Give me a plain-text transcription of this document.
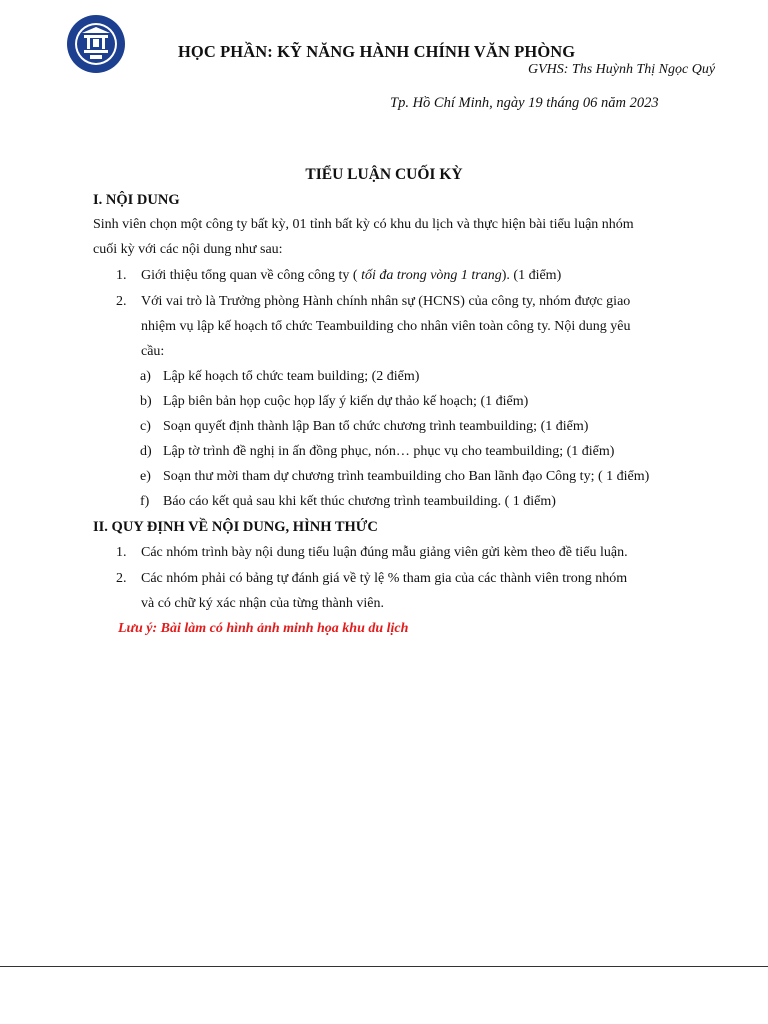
HỌC PHẦN: KỸ NĂNG HÀNH CHÍNH VĂN PHÒNG
GVHS: Ths Huỳnh Thị Ngọc Quý
Tp. Hồ Chí Minh, ngày 19 tháng 06 năm 2023
TIỂU LUẬN CUỐI KỲ
I. NỘI DUNG
Sinh viên chọn một công ty bất kỳ, 01 tỉnh bất kỳ có khu du lịch và thực hiện bài tiểu luận nhóm
cuối kỳ với các nội dung như sau:
1. Giới thiệu tổng quan về công công ty ( tối đa trong vòng 1 trang). (1 điểm)
2. Với vai trò là Trưởng phòng Hành chính nhân sự (HCNS) của công ty, nhóm được giao
nhiệm vụ lập kế hoạch tổ chức Teambuilding cho nhân viên toàn công ty. Nội dung yêu
cầu:
a) Lập kế hoạch tổ chức team building; (2 điểm)
b) Lập biên bản họp cuộc họp lấy ý kiến dự thảo kế hoạch; (1 điểm)
c) Soạn quyết định thành lập Ban tổ chức chương trình teambuilding; (1 điểm)
d) Lập tờ trình đề nghị in ấn đồng phục, nón… phục vụ cho teambuilding; (1 điểm)
e) Soạn thư mời tham dự chương trình teambuilding cho Ban lãnh đạo Công ty; ( 1 điểm)
f) Báo cáo kết quả sau khi kết thúc chương trình teambuilding. ( 1 điểm)
II. QUY ĐỊNH VỀ NỘI DUNG, HÌNH THỨC
1. Các nhóm trình bày nội dung tiểu luận đúng mẫu giảng viên gửi kèm theo đề tiểu luận.
2. Các nhóm phải có bảng tự đánh giá về tỷ lệ % tham gia của các thành viên trong nhóm
và có chữ ký xác nhận của từng thành viên.
Lưu ý: Bài làm có hình ảnh minh họa khu du lịch
